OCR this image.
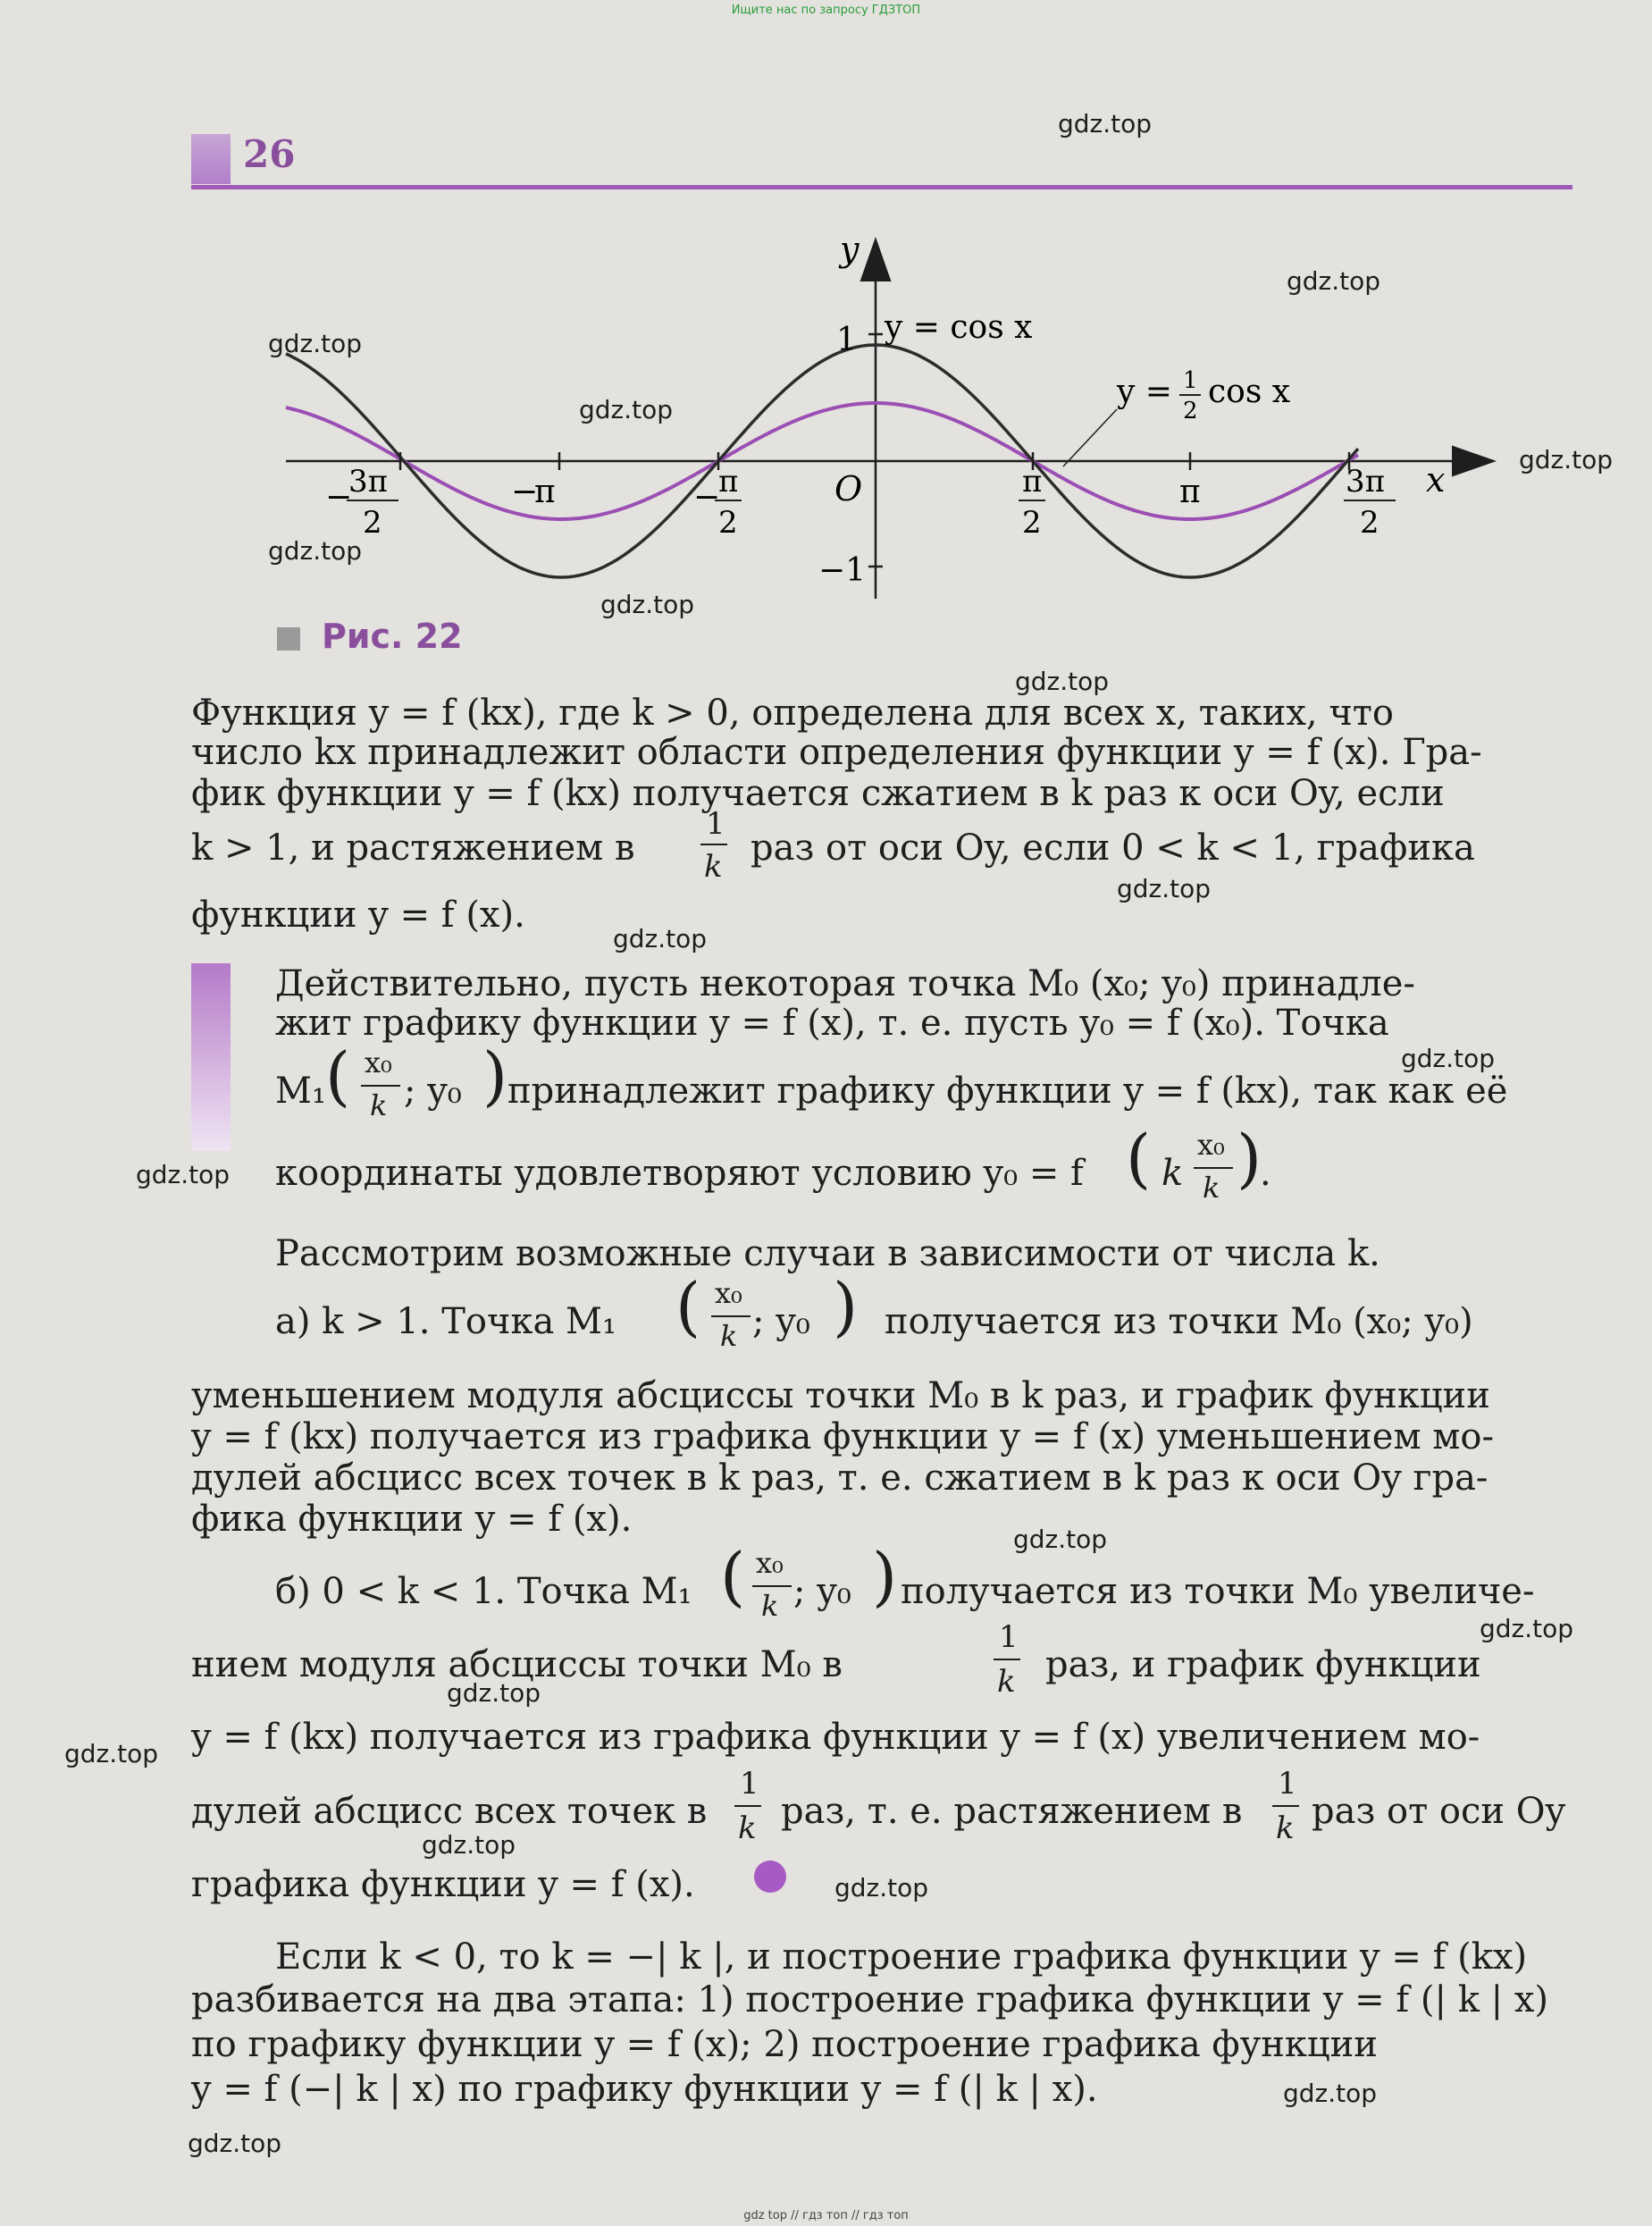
Ищите нас по запросу ГДЗТОП
26
gdz.top
gdz.top
gdz.top
gdz.top
gdz.top
gdz.top
gdz.top
gdz.top
gdz.top
gdz.top
gdz.top
gdz.top
gdz.top
gdz.top
gdz.top
gdz.top
gdz.top
gdz.top
gdz.top
gdz.top
y
x
O
1
−1
y = cos x
y = 1
2
cos x
−
3π
2
−
π	−
π
2
π
2
π	3π
2
Рис. 22
Функция y = f (kx), где k > 0, определена для всех x, таких, что
число kx принадлежит области определения функции y = f (x). Гра-
фик функции y = f (kx) получается сжатием в k раз к оси Oy, если
k > 1, и растяжением в
1
k раз от оси Oy, если 0 < k < 1, графика
функции y = f (x).
Действительно, пусть некоторая точка M₀ (x₀; y₀) принадле-
жит графику функции y = f (x), т. е. пусть y₀ = f (x₀). Точка
M₁ ( x₀
k ; y₀ ) принадлежит графику функции y = f (kx), так как её
координаты удовлетворяют условию y₀ = f ( k
x₀
k )
.
Рассмотрим возможные случаи в зависимости от числа k.
а) k > 1. Точка M₁ ( x₀
k ; y₀ ) получается из точки M₀ (x₀; y₀)
уменьшением модуля абсциссы точки M₀ в k раз, и график функции
y = f (kx) получается из графика функции y = f (x) уменьшением мо-
дулей абсцисс всех точек в k раз, т. е. сжатием в k раз к оси Oy гра-
фика функции y = f (x).
б) 0 < k < 1. Точка M₁ ( x₀
k ; y₀ ) получается из точки M₀ увеличе-
нием модуля абсциссы точки M₀ в
1
k раз, и график функции
y = f (kx) получается из графика функции y = f (x) увеличением мо-
дулей абсцисс всех точек в
1
k раз, т. е. растяжением в
1
k раз от оси Oy
графика функции y = f (x).
Если k < 0, то k = −| k |, и построение графика функции y = f (kx)
разбивается на два этапа: 1) построение графика функции y = f (| k | x)
по графику функции y = f (x); 2) построение графика функции
y = f (−| k | x) по графику функции y = f (| k | x).
gdz top // гдз топ // гдз топ
